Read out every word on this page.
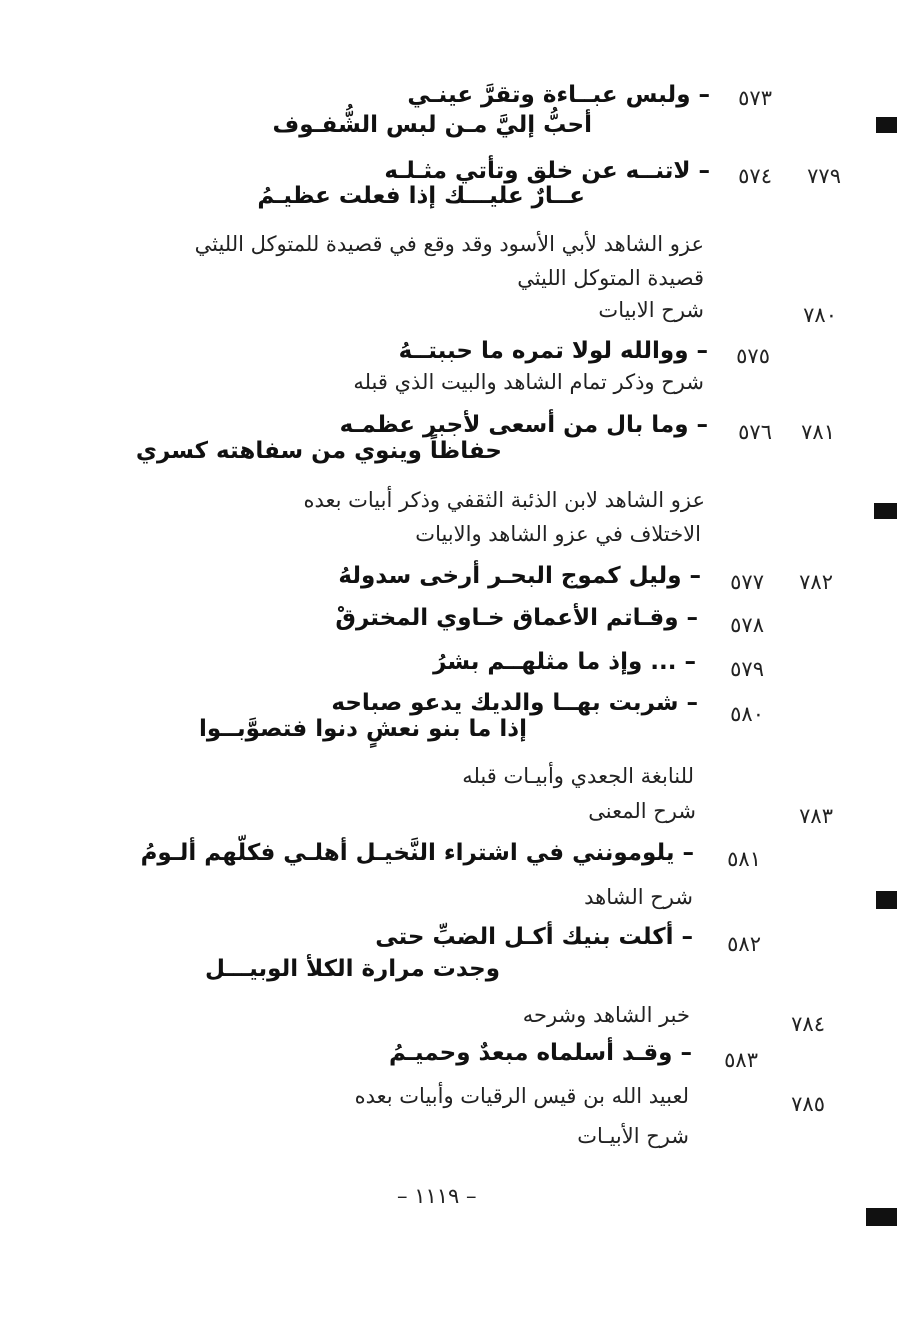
٥٧٣
– ولبس عبــاءة وتقرَّ عينـي
أحبُّ إليَّ مـن لبس الشُّفـوف
٧٧٩
٥٧٤
– لاتنــه عن خلق وتأتي مثـلـه
عــارٌ عليـــك إذا فعلت عظيـمُ
عزو الشاهد لأبي الأسود وقد وقع في قصيدة للمتوكل الليثي
قصيدة المتوكل الليثي
٧٨٠
شرح الابيات
٥٧٥
– ووالله لولا تمره ما حببتــهُ
شرح وذكر تمام الشاهد والبيت الذي قبله
٧٨١
٥٧٦
– وما بال من أسعى لأجبر عظمـه
حفاظاً وينوي من سفاهته كسري
عزو الشاهد لابن الذئبة الثقفي وذكر أبيات بعده
الاختلاف في عزو الشاهد والابيات
٧٨٢
٥٧٧
– وليل كموج البحـر أرخى سدولهُ
٥٧٨
– وقـاتم الأعماق خـاوي المخترقْ
٥٧٩
– ... وإذ ما مثلهــم بشرُ
٥٨٠
– شربت بهــا والديك يدعو صباحه
إذا ما بنو نعشٍ دنوا فتصوَّبــوا
للنابغة الجعدي وأبيـات قبله
٧٨٣
شرح المعنى
٥٨١
– يلومونني في اشتراء النَّخيـل أهلـي فكلّهم ألـومُ
شرح الشاهد
٥٨٢
– أكلت بنيك أكـل الضبِّ حتى
وجدت مرارة الكلأ الوبيـــل
٧٨٤
خبر الشاهد وشرحه
٥٨٣
– وقـد أسلماه مبعدٌ وحميـمُ
٧٨٥
لعبيد الله بن قيس الرقيات وأبيات بعده
شرح الأبيـات
– ١١١٩ –
